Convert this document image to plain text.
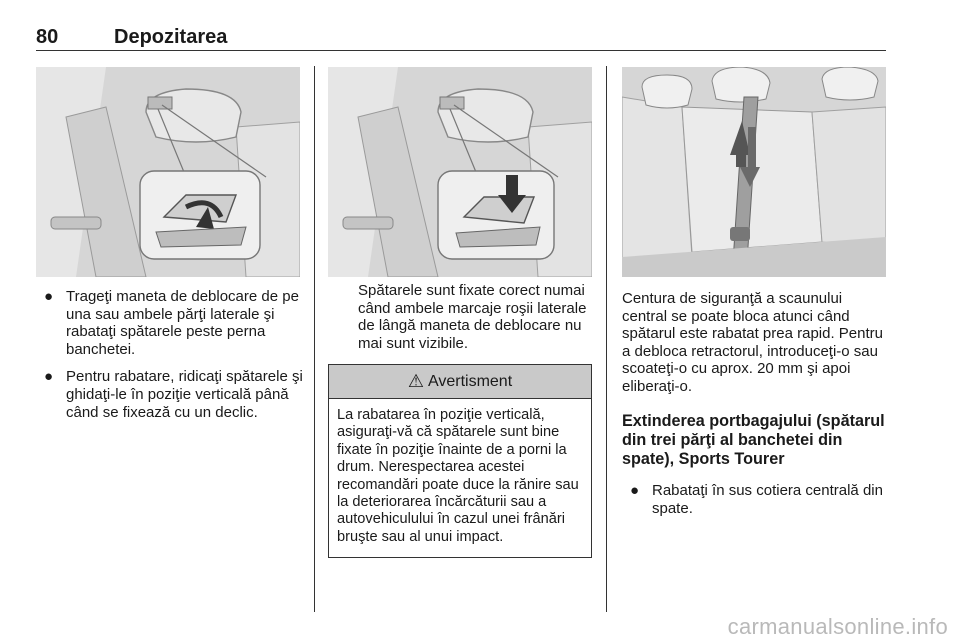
80	Depozitarea
● Trageţi maneta de deblocare de pe una sau ambele părţi laterale şi rabataţi spătarele peste perna banchetei.
● Pentru rabatare, ridicaţi spătarele şi ghidaţi-le în poziţie verticală până când se fixează cu un declic.
Spătarele sunt fixate corect numai când ambele marcaje roşii laterale de lângă maneta de deblocare nu mai sunt vizibile.
⚠ Avertisment
La rabatarea în poziţie verticală, asiguraţi-vă că spătarele sunt bine fixate în poziţie înainte de a porni la drum. Nerespectarea acestei recomandări poate duce la rănire sau la deteriorarea încărcăturii sau a autovehiculului în cazul unei frânări bruşte sau al unui impact.
Centura de siguranţă a scaunului central se poate bloca atunci când spătarul este rabatat prea rapid. Pentru a debloca retractorul, introduceţi-o sau scoateţi-o cu aprox. 20 mm şi apoi eliberaţi-o.
Extinderea portbagajului (spătarul din trei părţi al banchetei din spate), Sports Tourer
● Rabataţi în sus cotiera centrală din spate.
carmanualsonline.info
